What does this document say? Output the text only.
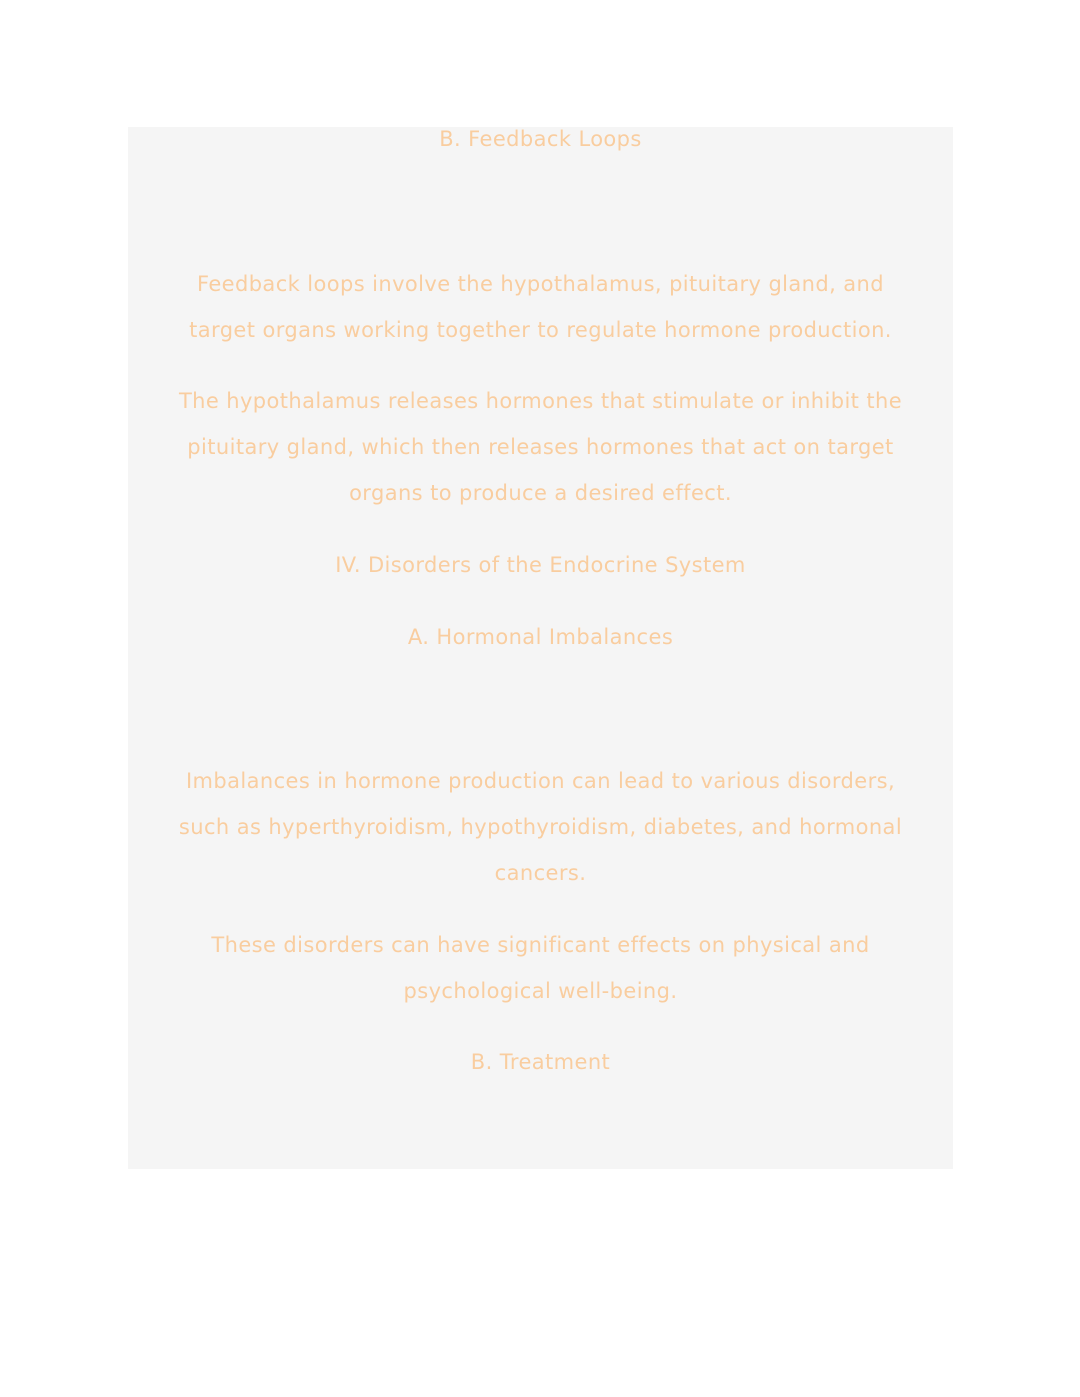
B. Feedback Loops
Feedback loops involve the hypothalamus, pituitary gland, and
target organs working together to regulate hormone production.
The hypothalamus releases hormones that stimulate or inhibit the
pituitary gland, which then releases hormones that act on target
organs to produce a desired effect.
IV. Disorders of the Endocrine System
A. Hormonal Imbalances
Imbalances in hormone production can lead to various disorders,
such as hyperthyroidism, hypothyroidism, diabetes, and hormonal
cancers.
These disorders can have significant effects on physical and
psychological well-being.
B. Treatment
